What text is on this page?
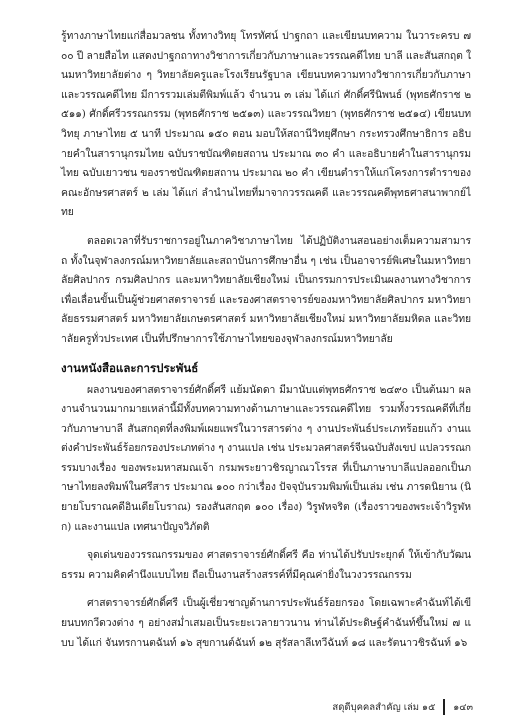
รู้ทางภาษาไทยแก่สื่อมวลชน ทั้งทางวิทยุ โทรทัศน์ ปาฐกถา และเขียนบทความ ในวาระครบ ๗๐๐ ปี ลายสือไท แสดงปาฐกถาทางวิชาการเกี่ยวกับภาษาและวรรณคดีไทย บาลี และสันสกฤต ในมหาวิทยาลัยต่าง ๆ วิทยาลัยครูและโรงเรียนรัฐบาล เขียนบทความทางวิชาการเกี่ยวกับภาษาและวรรณคดีไทย มีการรวมเล่มตีพิมพ์แล้ว จำนวน ๓ เล่ม ได้แก่ ศักดิ์ศรีนิพนธ์ (พุทธศักราช ๒๕๑๑) ศักดิ์ศรีวรรณกรรม (พุทธศักราช ๒๕๑๓) และวรรณวิทยา (พุทธศักราช ๒๕๑๔) เขียนบทวิทยุ ภาษาไทย ๕ นาที ประมาณ ๑๕๐ ตอน มอบให้สถานีวิทยุศึกษา กระทรวงศึกษาธิการ อธิบายคำในสารานุกรมไทย ฉบับราชบัณฑิตยสถาน ประมาณ ๓๐ คำ และอธิบายคำในสารานุกรมไทย ฉบับเยาวชน ของราชบัณฑิตยสถาน ประมาณ ๒๐ คำ เขียนตำราให้แก่โครงการตำราของคณะอักษรศาสตร์ ๒ เล่ม ได้แก่ ลำนำนไทยที่มาจากวรรณคดี และวรรณคดีพุทธศาสนาพากย์ไทย

ตลอดเวลาที่รับราชการอยู่ในภาควิชาภาษาไทย ได้ปฏิบัติงานสอนอย่างเต็มความสามารถ ทั้งในจุฬาลงกรณ์มหาวิทยาลัยและสถาบันการศึกษาอื่น ๆ เช่น เป็นอาจารย์พิเศษในมหาวิทยาลัยศิลปากร กรมศิลปากร และมหาวิทยาลัยเชียงใหม่ เป็นกรรมการประเมินผลงานทางวิชาการ เพื่อเลื่อนขั้นเป็นผู้ช่วยศาสตราจารย์ และรองศาสตราจารย์ของมหาวิทยาลัยศิลปากร มหาวิทยาลัยธรรมศาสตร์ มหาวิทยาลัยเกษตรศาสตร์ มหาวิทยาลัยเชียงใหม่ มหาวิทยาลัยมหิดล และวิทยาลัยครูทั่วประเทศ เป็นที่ปรึกษาการใช้ภาษาไทยของจุฬาลงกรณ์มหาวิทยาลัย

งานหนังสือและการประพันธ์

ผลงานของศาสตราจารย์ศักดิ์ศรี แย้มนัดดา มีมานับแต่พุทธศักราช ๒๔๙๐ เป็นต้นมา ผลงานจำนวนมากมายเหล่านี้มีทั้งบทความทางด้านภาษาและวรรณคดีไทย รวมทั้งวรรณคดีที่เกี่ยวกับภาษาบาลี สันสกฤตที่ลงพิมพ์เผยแพร่ในวารสารต่าง ๆ งานประพันธ์ประเภทร้อยแก้ว งานแต่งคำประพันธ์ร้อยกรองประเภทต่าง ๆ งานแปล เช่น ประมวลศาสตร์จีนฉบับสังเขป แปลวรรณกรรมบางเรื่อง ของพระมหาสมณเจ้า กรมพระยาวชิรญาณวโรรส ที่เป็นภาษาบาลีแปลออกเป็นภาษาไทยลงพิมพ์ในศรีสาร ประมาณ ๑๐๐ กว่าเรื่อง ปัจจุบันรวมพิมพ์เป็นเล่ม เช่น ภารดนิยาน (นิยายโบราณคดีอินเดียโบราณ) รองสันสกฤต ๑๐๐ เรื่อง) วิรูฬหจริต (เรื่องราวของพระเจ้าวิรูฬหก) และงานแปล เทศนาปัญจวิภัตติ

จุดเด่นของวรรณกรรมของ ศาสตราจารย์ศักดิ์ศรี คือ ท่านได้ปรับประยุกต์ ให้เข้ากับวัฒนธรรม ความคิดคำนึงแบบไทย ถือเป็นงานสร้างสรรค์ที่มีคุณค่ายิ่งในวงวรรณกรรม

ศาสตราจารย์ศักดิ์ศรี เป็นผู้เชี่ยวชาญด้านการประพันธ์ร้อยกรอง โดยเฉพาะคำฉันท์ได้เขียนบทกวีดวงต่าง ๆ อย่างสม่ำเสมอเป็นระยะเวลายาวนาน ท่านได้ประดิษฐ์คำฉันท์ขึ้นใหม่ ๗ แบบ ได้แก่ จันทรกานตฉันท์ ๑๖ สุขกานต์ฉันท์ ๑๒ สุรัสลาลีเทวีฉันท์ ๑๘ และรัตนาวชิรฉันท์ ๑๖

สดุดีบุคคลสำคัญ เล่ม ๑๕ ๑๔๓
